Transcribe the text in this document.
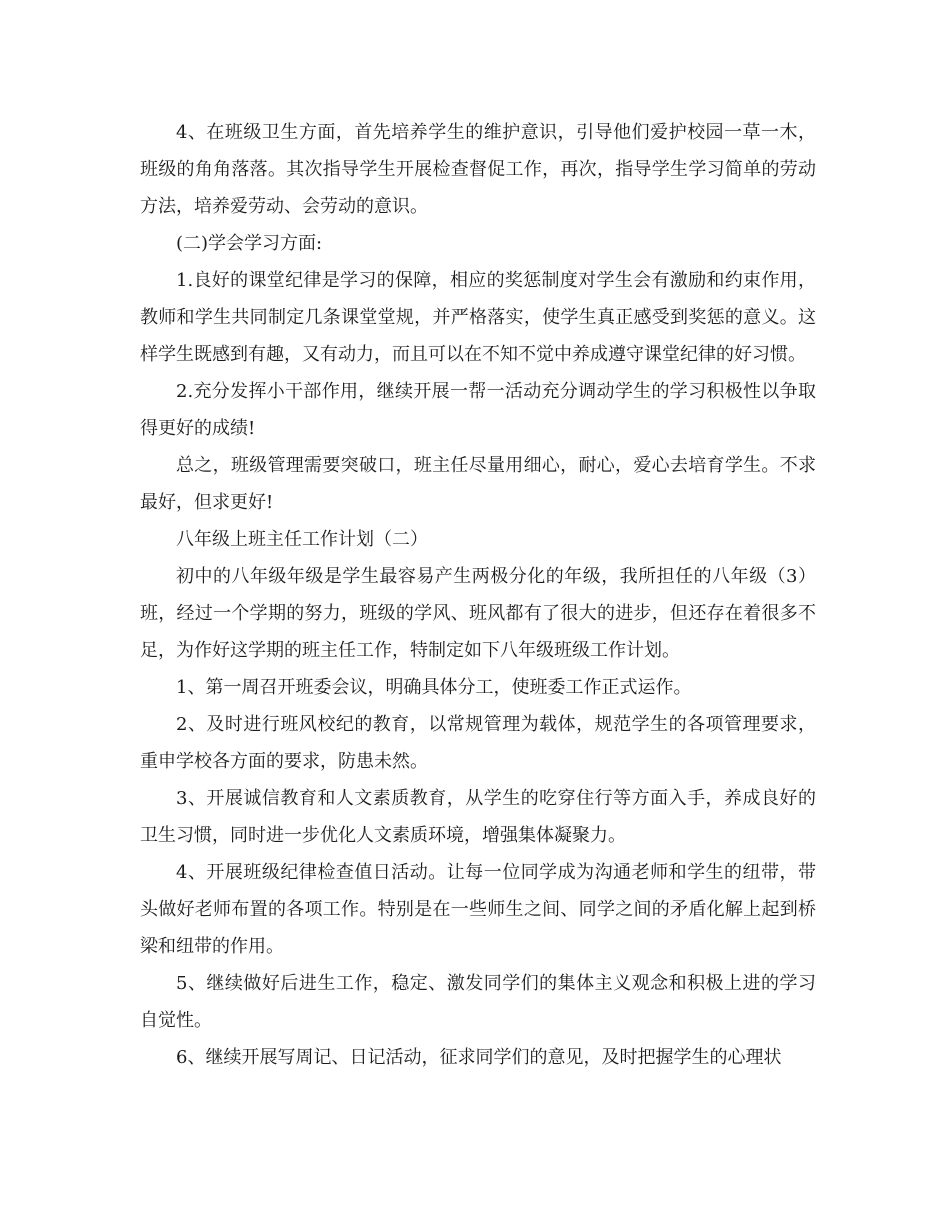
4、在班级卫生方面，首先培养学生的维护意识，引导他们爱护校园一草一木，班级的角角落落。其次指导学生开展检查督促工作，再次，指导学生学习简单的劳动方法，培养爱劳动、会劳动的意识。

(二)学会学习方面:

1.良好的课堂纪律是学习的保障，相应的奖惩制度对学生会有激励和约束作用，教师和学生共同制定几条课堂堂规，并严格落实，使学生真正感受到奖惩的意义。这样学生既感到有趣，又有动力，而且可以在不知不觉中养成遵守课堂纪律的好习惯。

2.充分发挥小干部作用，继续开展一帮一活动充分调动学生的学习积极性以争取得更好的成绩!

总之，班级管理需要突破口，班主任尽量用细心，耐心，爱心去培育学生。不求最好，但求更好!

八年级上班主任工作计划（二）

初中的八年级年级是学生最容易产生两极分化的年级，我所担任的八年级（3）班，经过一个学期的努力，班级的学风、班风都有了很大的进步，但还存在着很多不足，为作好这学期的班主任工作，特制定如下八年级班级工作计划。

1、第一周召开班委会议，明确具体分工，使班委工作正式运作。

2、及时进行班风校纪的教育，以常规管理为载体，规范学生的各项管理要求，重申学校各方面的要求，防患未然。

3、开展诚信教育和人文素质教育，从学生的吃穿住行等方面入手，养成良好的卫生习惯，同时进一步优化人文素质环境，增强集体凝聚力。

4、开展班级纪律检查值日活动。让每一位同学成为沟通老师和学生的纽带，带头做好老师布置的各项工作。特别是在一些师生之间、同学之间的矛盾化解上起到桥梁和纽带的作用。

5、继续做好后进生工作，稳定、激发同学们的集体主义观念和积极上进的学习自觉性。

6、继续开展写周记、日记活动，征求同学们的意见，及时把握学生的心理状
